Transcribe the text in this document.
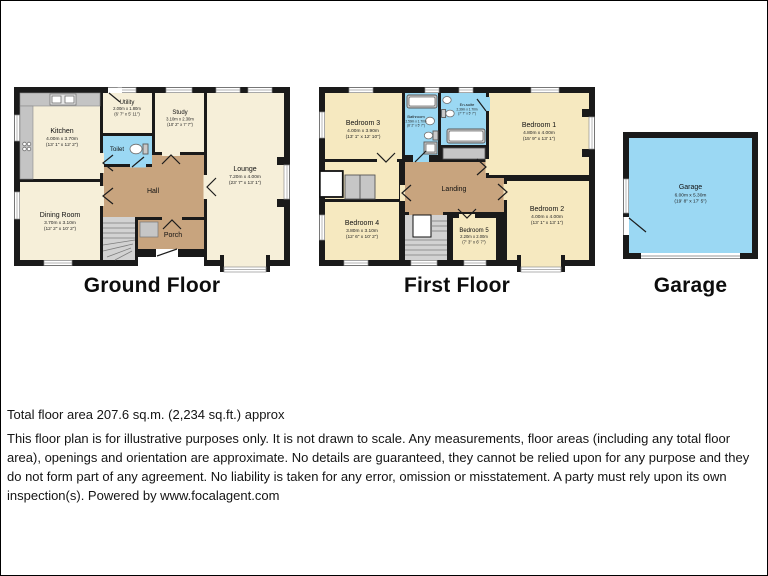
Kitchen
4.00m x 3.70m
(13' 1" x 12' 2")
Utility
2.00m x 1.80m
(6' 7" x 5' 11")
Toilet
Study
3.10m x 2.30m
(10' 2" x 7' 7")
Lounge
7.20m x 4.00m
(23' 7" x 13' 1")
Hall
Porch
Dining Room
3.70m x 3.10m
(12' 2" x 10' 2")
Bedroom 3
4.00m x 3.90m
(13' 1" x 12' 10")
Bathroom
2.50m x 1.70m
(8' 2" x 5' 7")
En-suite
2.30m x 1.70m
(7' 7" x 5' 7")
Bedroom 1
4.80m x 4.00m
(15' 9" x 13' 1")
Landing
Bedroom 4
3.80m x 3.10m
(12' 6" x 10' 2")
Bedroom 5
2.20m x 2.00m
(7' 3" x 6' 7")
Bedroom 2
4.00m x 4.00m
(13' 1" x 13' 1")
Garage
6.00m x 5.30m
(19' 8" x 17' 5")
Ground Floor	First Floor	Garage
Total floor area 207.6 sq.m. (2,234 sq.ft.) approx
This floor plan is for illustrative purposes only. It is not drawn to scale. Any measurements, floor areas (including any total floor area), openings and orientation are approximate. No details are guaranteed, they cannot be relied upon for any purpose and they do not form part of any agreement. No liability is taken for any error, omission or misstatement. A party must rely upon its own inspection(s). Powered by www.focalagent.com
